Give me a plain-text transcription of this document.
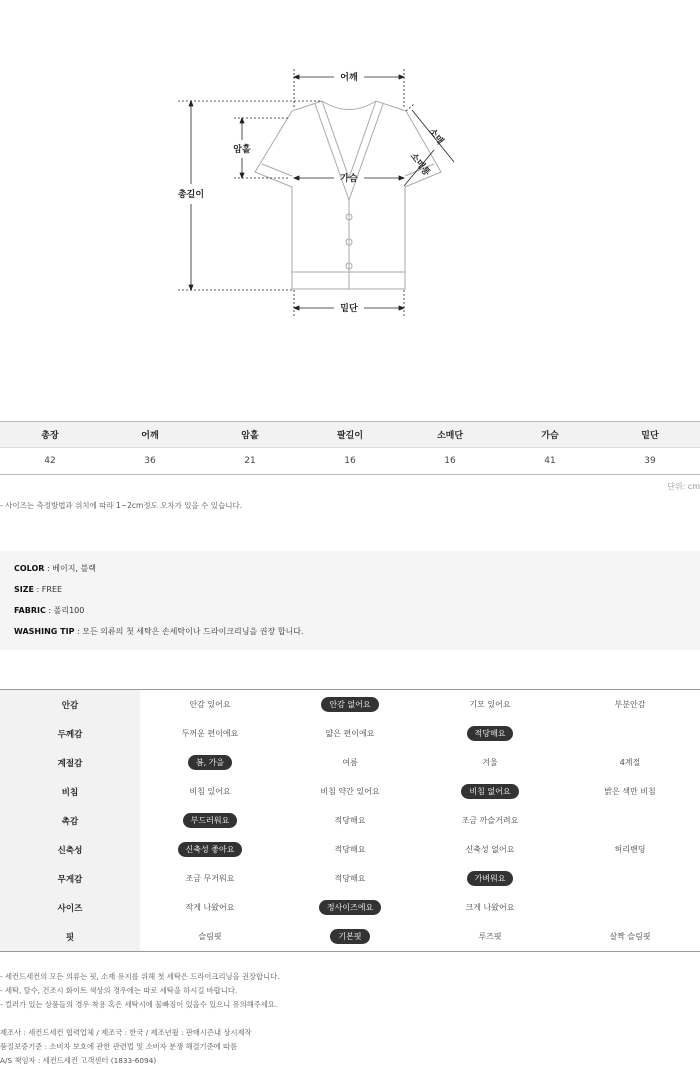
어깨
총길이
암홀
가슴
밑단
소매
소매통
총장	어깨	암홀	팔길이	소매단	가슴	밑단
42	36	21	16	16	41	39
단위: cm
- 사이즈는 측정방법과 위치에 따라 1~2cm정도 오차가 있을 수 있습니다.
COLOR : 베이지, 블랙
SIZE : FREE
FABRIC : 폴리100
WASHING TIP : 모든 의류의 첫 세탁은 손세탁이나 드라이크리닝을 권장 합니다.
안감	안감 있어요	안감 없어요	기모 있어요	부분안감
두께감	두꺼운 편이에요	얇은 편이에요	적당해요
계절감	봄, 가을	여름	겨울	4계절
비침	비침 있어요	비침 약간 있어요	비침 없어요	밝은 색만 비침
촉감	부드러워요	적당해요	조금 까슬거려요
신축성	신축성 좋아요	적당해요	신축성 없어요	허리밴딩
무게감	조금 무거워요	적당해요	가벼워요
사이즈	작게 나왔어요	정사이즈에요	크게 나왔어요
핏	슬림핏	기본핏	루즈핏	살짝 슬림핏
- 세컨드세컨의 모든 의류는 핏, 소재 유지를 위해 첫 세탁은 드라이크리닝을 권장합니다.
- 세탁, 탈수, 건조시 화이트 색상의 경우에는 따로 세탁을 하시길 바랍니다.
- 컬러가 있는 상품들의 경우 착용 혹은 세탁시에 물빠짐이 있을수 있으니 유의해주세요.
제조사 : 세컨드세컨 협력업체 / 제조국 : 한국 / 제조년월 : 판매시즌내 상시제작
품질보증기준 : 소비자 보호에 관한 관련법 및 소비자 분쟁 해결기준에 따름
A/S 책임자 : 세컨드세컨 고객센터 (1833-6094)
